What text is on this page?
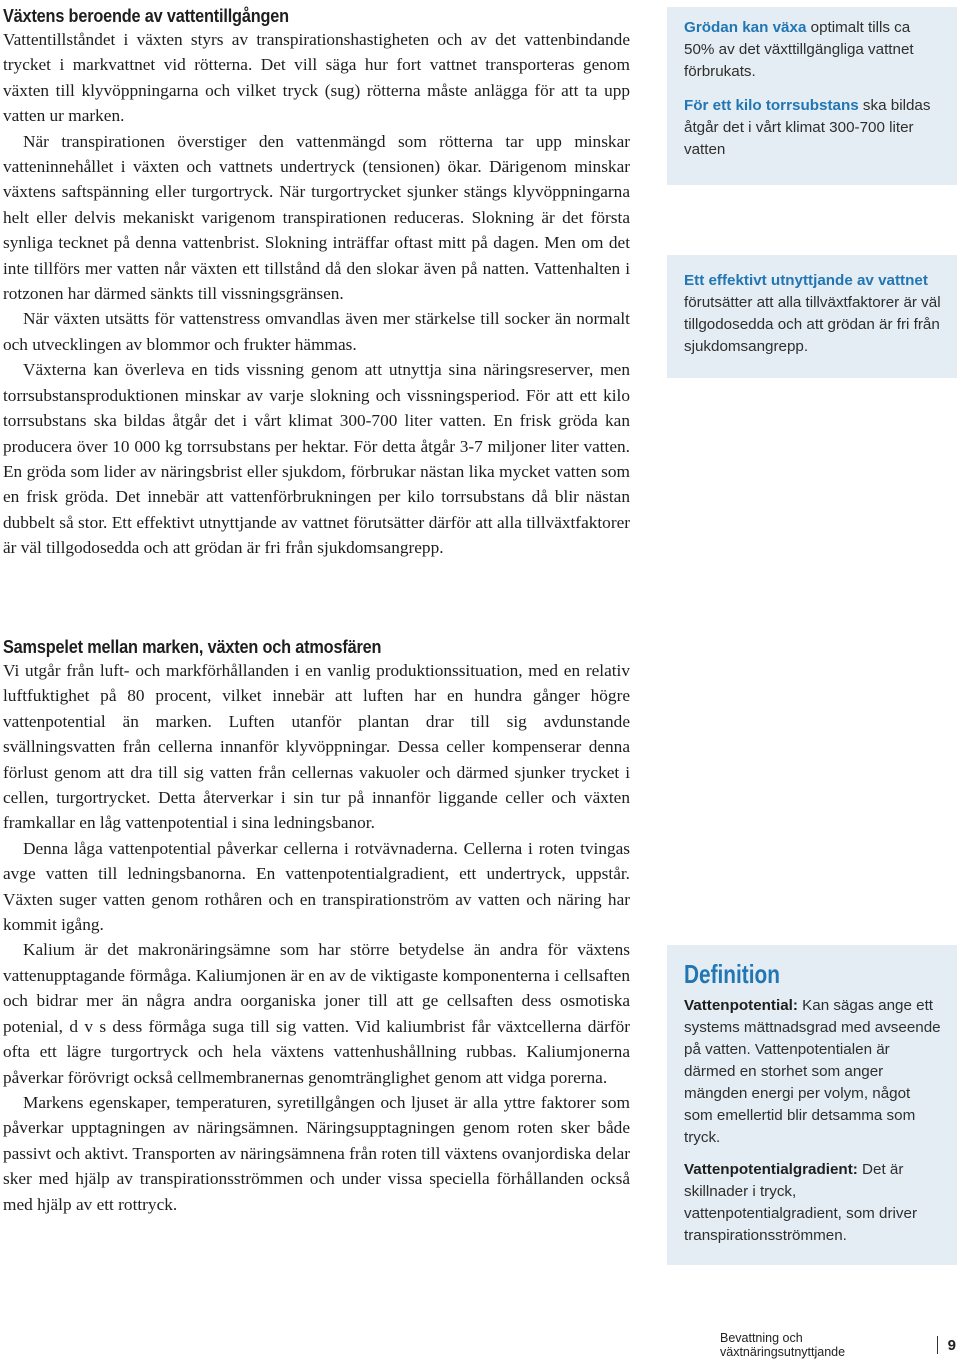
Växtens beroende av vattentillgången

Vattentillståndet i växten styrs av transpirationshastigheten och av det vattenbindande trycket i markvattnet vid rötterna. Det vill säga hur fort vattnet transporteras genom växten till klyvöppningarna och vilket tryck (sug) rötterna måste anlägga för att ta upp vatten ur marken.

När transpirationen överstiger den vattenmängd som rötterna tar upp minskar vatteninnehållet i växten och vattnets undertryck (tensionen) ökar. Därigenom minskar växtens saftspänning eller turgortryck. När turgortrycket sjunker stängs klyvöppningarna helt eller delvis mekaniskt varigenom transpirationen reduceras. Slokning är det första synliga tecknet på denna vattenbrist. Slokning inträffar oftast mitt på dagen. Men om det inte tillförs mer vatten når växten ett tillstånd då den slokar även på natten. Vattenhalten i rotzonen har därmed sänkts till vissningsgränsen.

När växten utsätts för vattenstress omvandlas även mer stärkelse till socker än normalt och utvecklingen av blommor och frukter hämmas.

Växterna kan överleva en tids vissning genom att utnyttja sina näringsreserver, men torrsubstansproduktionen minskar av varje slokning och vissningsperiod. För att ett kilo torrsubstans ska bildas åtgår det i vårt klimat 300-700 liter vatten. En frisk gröda kan producera över 10 000 kg torrsubstans per hektar. För detta åtgår 3-7 miljoner liter vatten. En gröda som lider av näringsbrist eller sjukdom, förbrukar nästan lika mycket vatten som en frisk gröda. Det innebär att vattenförbrukningen per kilo torrsubstans då blir nästan dubbelt så stor. Ett effektivt utnyttjande av vattnet förutsätter därför att alla tillväxtfaktorer är väl tillgodosedda och att grödan är fri från sjukdomsangrepp.

Samspelet mellan marken, växten och atmosfären

Vi utgår från luft- och markförhållanden i en vanlig produktionssituation, med en relativ luftfuktighet på 80 procent, vilket innebär att luften har en hundra gånger högre vattenpotential än marken. Luften utanför plantan drar till sig avdunstande svällningsvatten från cellerna innanför klyvöppningar. Dessa celler kompenserar denna förlust genom att dra till sig vatten från cellernas vakuoler och därmed sjunker trycket i cellen, turgortrycket. Detta återverkar i sin tur på innanför liggande celler och växten framkallar en låg vattenpotential i sina ledningsbanor.

Denna låga vattenpotential påverkar cellerna i rotvävnaderna. Cellerna i roten tvingas avge vatten till ledningsbanorna. En vattenpotentialgradient, ett undertryck, uppstår. Växten suger vatten genom rothåren och en transpirationström av vatten och näring har kommit igång.

Kalium är det makronäringsämne som har större betydelse än andra för växtens vattenupptagande förmåga. Kaliumjonen är en av de viktigaste komponenterna i cellsaften och bidrar mer än några andra oorganiska joner till att ge cellsaften dess osmotiska potenial, d v s dess förmåga suga till sig vatten. Vid kaliumbrist får växtcellerna därför ofta ett lägre turgortryck och hela växtens vattenhushållning rubbas. Kaliumjonerna påverkar förövrigt också cellmembranernas genomtränglighet genom att vidga porerna.

Markens egenskaper, temperaturen, syretillgången och ljuset är alla yttre faktorer som påverkar upptagningen av näringsämnen. Näringsupptagningen genom roten sker både passivt och aktivt. Transporten av näringsämnena från roten till växtens ovanjordiska delar sker med hjälp av transpirationsströmmen och under vissa speciella förhållanden också med hjälp av ett rottryck.

Grödan kan växa optimalt tills ca 50% av det växttillgängliga vattnet förbrukats.

För ett kilo torrsubstans ska bildas åtgår det i vårt klimat 300-700 liter vatten

Ett effektivt utnyttjande av vattnet förutsätter att alla tillväxtfaktorer är väl tillgodosedda och att grödan är fri från sjukdomsangrepp.

Definition

Vattenpotential: Kan sägas ange ett systems mättnadsgrad med avseende på vatten. Vattenpotentialen är därmed en storhet som anger mängden energi per volym, något som emellertid blir detsamma som tryck.

Vattenpotentialgradient: Det är skillnader i tryck, vattenpotentialgradient, som driver transpirationsströmmen.

Bevattning och växtnäringsutnyttjande	9
